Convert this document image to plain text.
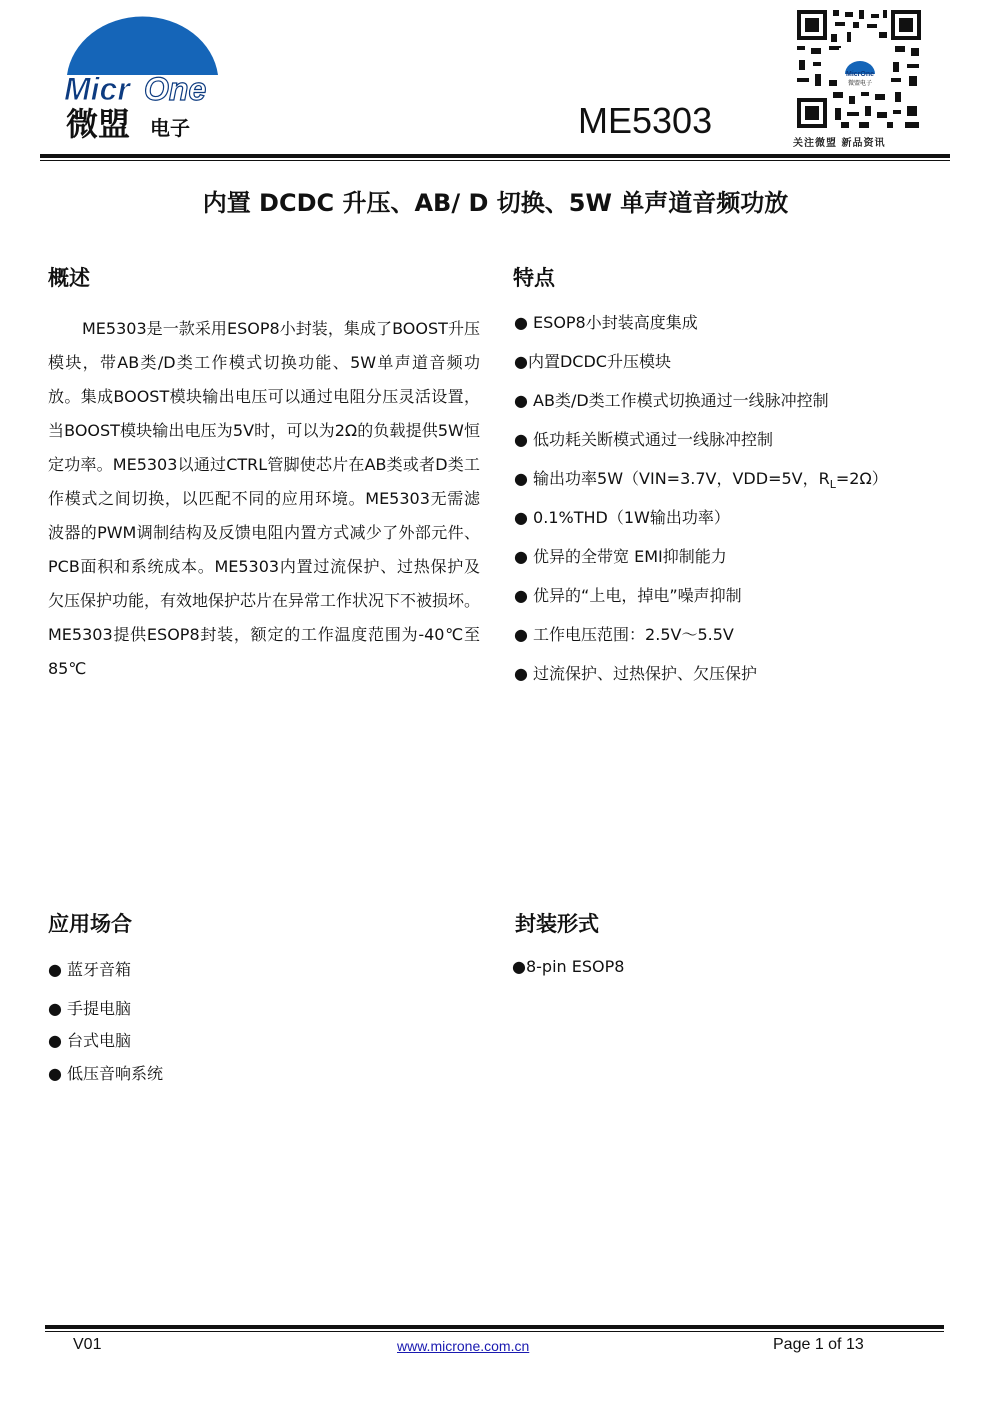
Micr One
微盟 电子	ME5303
MicrOne
微盟电子
关注微盟 新品资讯
内置 DCDC 升压、AB/ D 切换、5W 单声道音频功放
概述
ME5303是一款采用ESOP8小封装，集成了BOOST升压模块，带AB类/D类工作模式切换功能、5W单声道音频功放。集成BOOST模块输出电压可以通过电阻分压灵活设置，当BOOST模块输出电压为5V时，可以为2Ω的负载提供5W恒定功率。ME5303以通过CTRL管脚使芯片在AB类或者D类工作模式之间切换，以匹配不同的应用环境。ME5303无需滤波器的PWM调制结构及反馈电阻内置方式减少了外部元件、PCB面积和系统成本。ME5303内置过流保护、过热保护及欠压保护功能，有效地保护芯片在异常工作状况下不被损坏。ME5303提供ESOP8封装，额定的工作温度范围为-40℃至85℃
特点
● ESOP8小封装高度集成
●内置DCDC升压模块
● AB类/D类工作模式切换通过一线脉冲控制
● 低功耗关断模式通过一线脉冲控制
● 输出功率5W（VIN=3.7V，VDD=5V，$R_L=2\Omega$）
● 0.1%THD（1W输出功率）
● 优异的全带宽 EMI抑制能力
● 优异的“上电，掉电”噪声抑制
● 工作电压范围：2.5V～5.5V
● 过流保护、过热保护、欠压保护
应用场合
● 蓝牙音箱
● 手提电脑
● 台式电脑
● 低压音响系统
封装形式
●8-pin ESOP8
V01	www.microne.com.cn	Page 1 of 13
